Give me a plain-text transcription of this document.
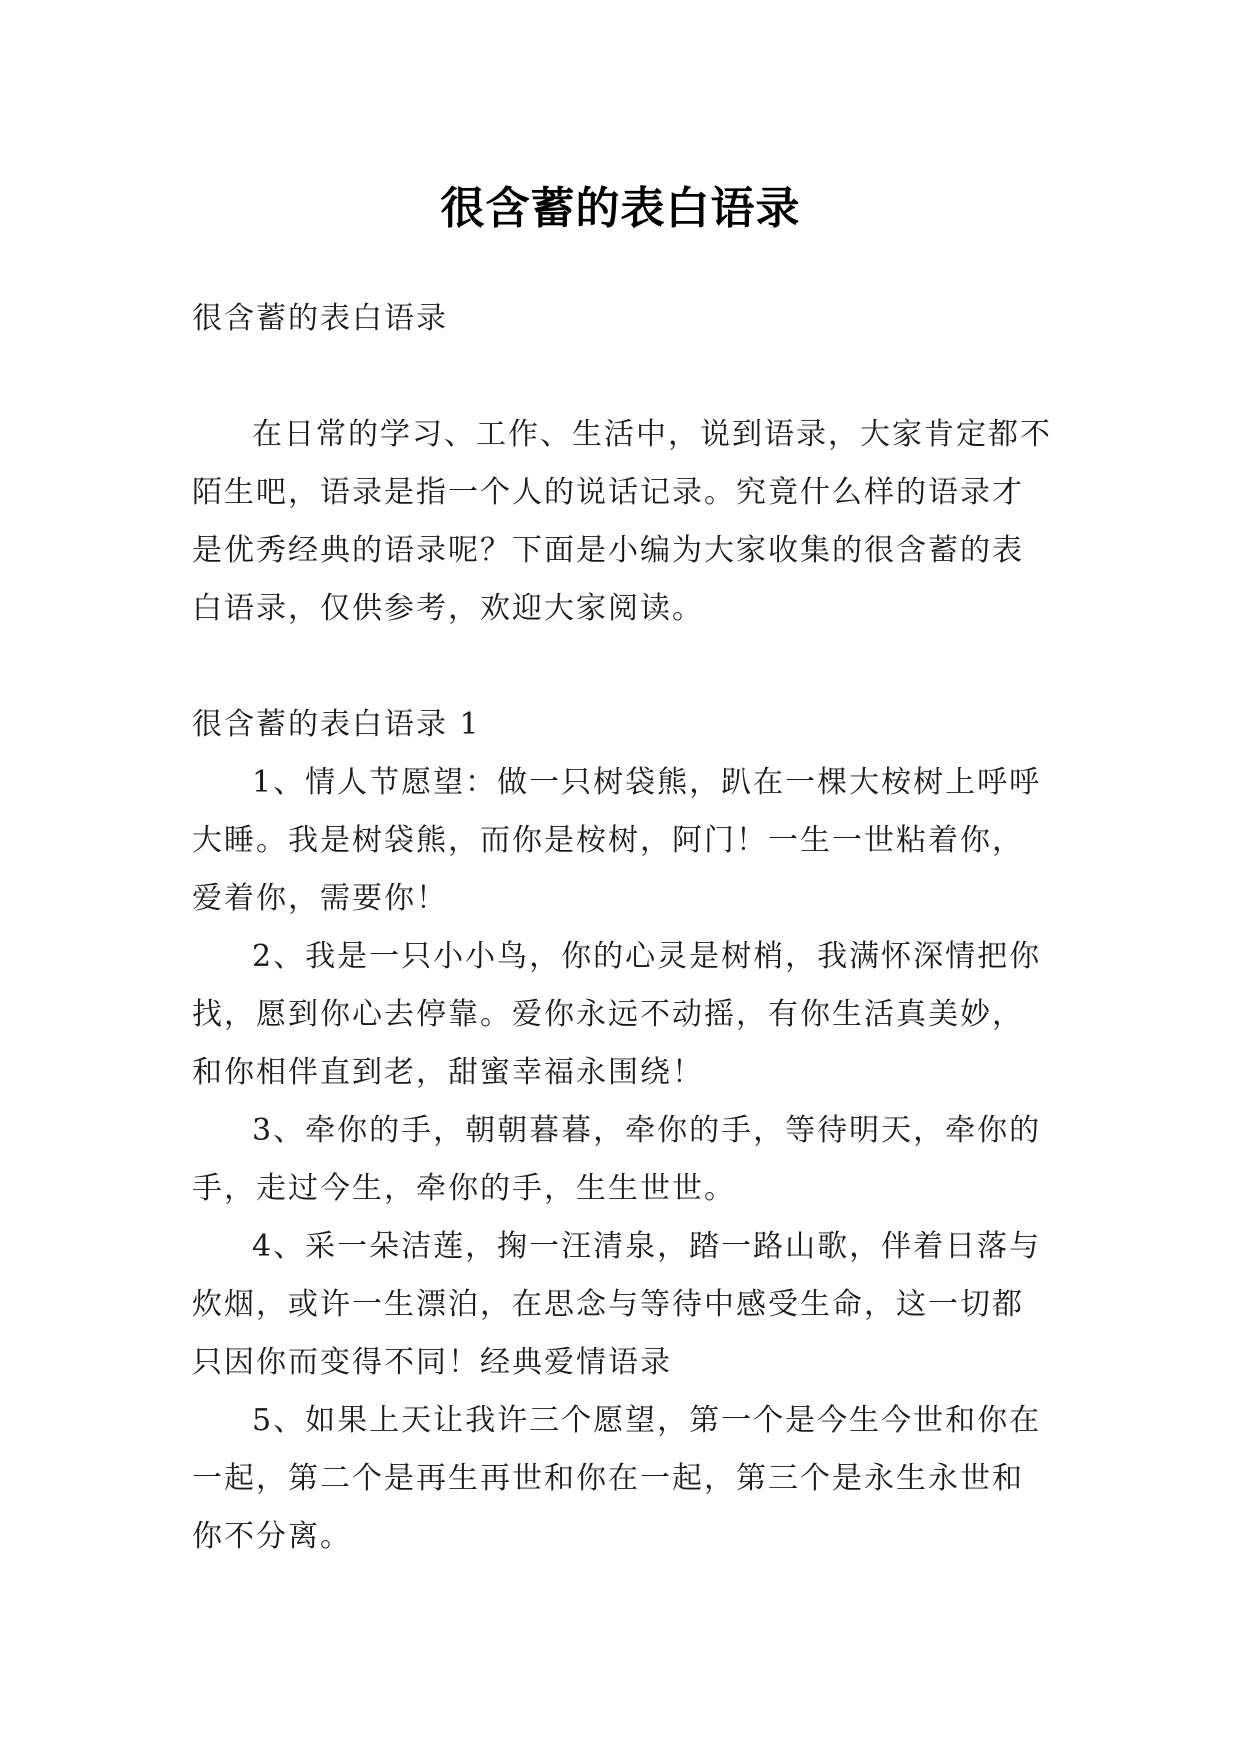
很含蓄的表白语录

很含蓄的表白语录

在日常的学习、工作、生活中，说到语录，大家肯定都不陌生吧，语录是指一个人的说话记录。究竟什么样的语录才是优秀经典的语录呢？下面是小编为大家收集的很含蓄的表白语录，仅供参考，欢迎大家阅读。

很含蓄的表白语录 1

1、情人节愿望：做一只树袋熊，趴在一棵大桉树上呼呼大睡。我是树袋熊，而你是桉树，阿门！一生一世粘着你，爱着你，需要你！

2、我是一只小小鸟，你的心灵是树梢，我满怀深情把你找，愿到你心去停靠。爱你永远不动摇，有你生活真美妙，和你相伴直到老，甜蜜幸福永围绕！

3、牵你的手，朝朝暮暮，牵你的手，等待明天，牵你的手，走过今生，牵你的手，生生世世。

4、采一朵洁莲，掬一汪清泉，踏一路山歌，伴着日落与炊烟，或许一生漂泊，在思念与等待中感受生命，这一切都只因你而变得不同！经典爱情语录

5、如果上天让我许三个愿望，第一个是今生今世和你在一起，第二个是再生再世和你在一起，第三个是永生永世和你不分离。
